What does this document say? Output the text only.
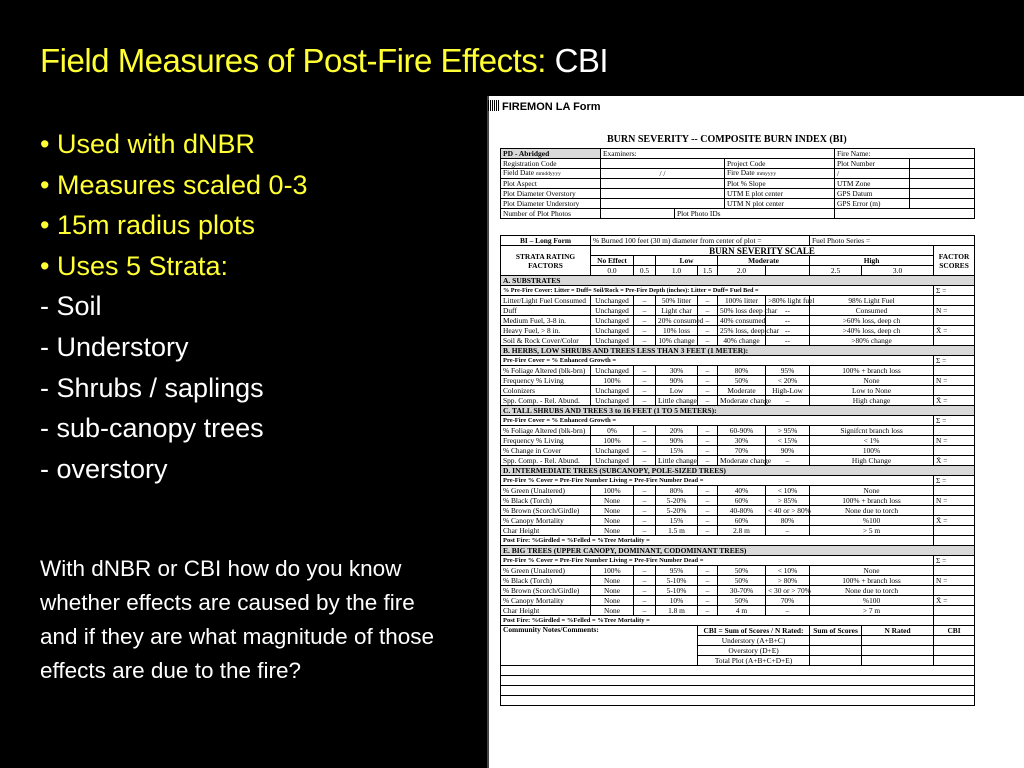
Field Measures of Post-Fire Effects: CBI
• Used with dNBR
• Measures scaled 0-3
• 15m radius plots
• Uses 5 Strata:
- Soil
- Understory
- Shrubs / saplings
- sub-canopy trees
- overstory

With dNBR or CBI how do you know whether effects are caused by the fire and if they are what magnitude of those effects are due to the fire?

FIREMON LA Form
BURN SEVERITY -- COMPOSITE BURN INDEX (BI)
PD - Abridged	Examiners:			Fire Name:	
Registration Code			Project Code	Plot Number	
Field Date mmddyyyy	/ /		Fire Date mmyyyy	/	
Plot Aspect			Plot % Slope	UTM Zone	
Plot Diameter Overstory			UTM E plot center	GPS Datum	
Plot Diameter Understory			UTM N plot center	GPS Error (m)	
Number of Plot Photos		Plot Photo IDs			
BI – Long Form	% Burned 100 feet (30 m) diameter from center of plot =						Fuel Photo Series =		
STRATA RATING FACTORS	BURN SEVERITY SCALE								FACTOR SCORES
	No Effect		Low		Moderate		High		
	0.0	0.5	1.0	1.5	2.0		2.5	3.0	
A. SUBSTRATES									
% Pre-Fire Cover: Litter = Duff= Soil/Rock = Pre-Fire Depth (inches): Litter = Duff= Fuel Bed =									Σ =
Litter/Light Fuel Consumed	Unchanged	–	50% litter	–	100% litter	>80% light fuel	98% Light Fuel		
Duff	Unchanged	–	Light char	–	50% loss deep char	--	Consumed		N =
Medium Fuel, 3-8 in.	Unchanged	–	20% consumed	–	40% consumed	--	>60% loss, deep ch		
Heavy Fuel, > 8 in.	Unchanged	–	10% loss	–	25% loss, deep char	--	>40% loss, deep ch		X̄ =
Soil & Rock Cover/Color	Unchanged	–	10% change	–	40% change	--	>80% change		
B. HERBS, LOW SHRUBS AND TREES LESS THAN 3 FEET (1 METER):									
Pre-Fire Cover = % Enhanced Growth =									Σ =
% Foliage Altered (blk-brn)	Unchanged	–	30%	–	80%	95%	100% + branch loss		
Frequency % Living	100%	–	90%	–	50%	< 20%	None		N =
Colonizers	Unchanged	–	Low	–	Moderate	High-Low	Low to None		
Spp. Comp. - Rel. Abund.	Unchanged	–	Little change	–	Moderate change	–	High change		X̄ =
C. TALL SHRUBS AND TREES 3 to 16 FEET (1 TO 5 METERS):									
Pre-Fire Cover = % Enhanced Growth =									Σ =
% Foliage Altered (blk-brn)	0%	–	20%	–	60-90%	> 95%	Signifcnt branch loss		
Frequency % Living	100%	–	90%	–	30%	< 15%	< 1%		N =
% Change in Cover	Unchanged	–	15%	–	70%	90%	100%		
Spp. Comp. - Rel. Abund.	Unchanged	–	Little change	–	Moderate change	–	High Change		X̄ =
D. INTERMEDIATE TREES (SUBCANOPY, POLE-SIZED TREES)									
Pre-Fire % Cover = Pre-Fire Number Living = Pre-Fire Number Dead =									Σ =
% Green (Unaltered)	100%	–	80%	–	40%	< 10%	None		
% Black (Torch)	None	–	5-20%	–	60%	> 85%	100% + branch loss		N =
% Brown (Scorch/Girdle)	None	–	5-20%	–	40-80%	< 40 or > 80%	None due to torch		
% Canopy Mortality	None	–	15%	–	60%	80%	%100		X̄ =
Char Height	None	–	1.5 m	–	2.8 m	–	> 5 m		
Post Fire: %Girdled = %Felled = %Tree Mortality =									
E. BIG TREES (UPPER CANOPY, DOMINANT, CODOMINANT TREES)									
Pre-Fire % Cover = Pre-Fire Number Living = Pre-Fire Number Dead =									Σ =
% Green (Unaltered)	100%	–	95%	–	50%	< 10%	None		
% Black (Torch)	None	–	5-10%	–	50%	> 80%	100% + branch loss		N =
% Brown (Scorch/Girdle)	None	–	5-10%	–	30-70%	< 30 or > 70%	None due to torch		
% Canopy Mortality	None	–	10%	–	50%	70%	%100		X̄ =
Char Height	None	–	1.8 m	–	4 m	–	> 7 m		
Post Fire: %Girdled = %Felled = %Tree Mortality =									
Community Notes/Comments:				CBI = Sum of Scores / N Rated:			Sum of Scores	N Rated	CBI
				Understory (A+B+C)					
				Overstory (D+E)					
				Total Plot (A+B+C+D+E)					
